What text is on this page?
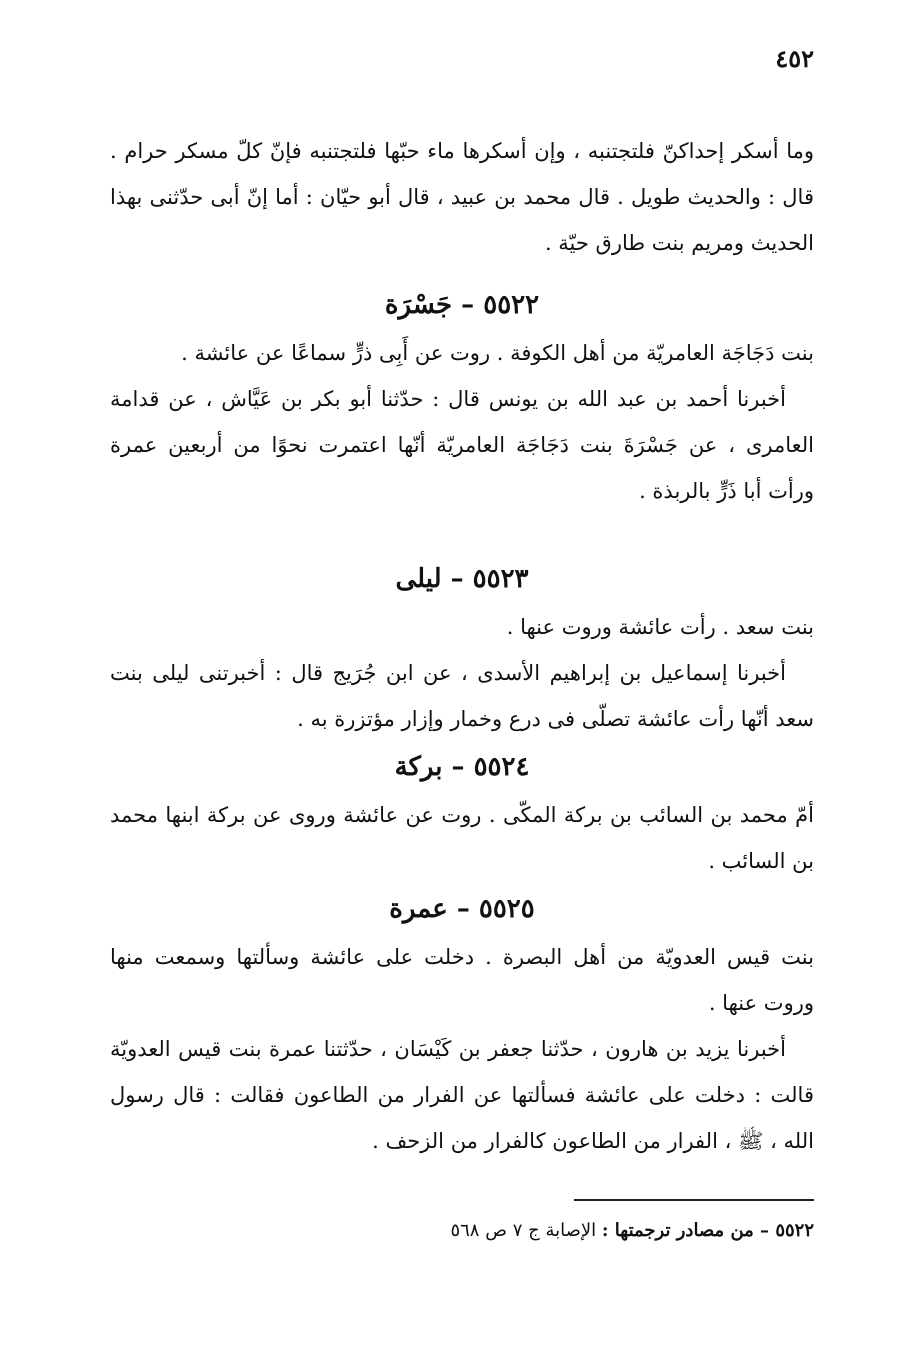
٤٥٢

وما أسكر إحداكنّ فلتجتنبه ، وإن أسكرها ماء حبّها فلتجتنبه فإنّ كلّ مسكر حرام . قال : والحديث طويل . قال محمد بن عبيد ، قال أبو حيّان : أما إنّ أبى حدّثنى بهذا الحديث ومريم بنت طارق حيّة .

٥٥٢٢ – جَسْرَة

بنت دَجَاجَة العامريّة من أهل الكوفة . روت عن أَبِى ذرٍّ سماعًا عن عائشة .

أخبرنا أحمد بن عبد الله بن يونس قال : حدّثنا أبو بكر بن عَيَّاش ، عن قدامة العامرى ، عن جَسْرَةَ بنت دَجَاجَة العامريّة أنّها اعتمرت نحوًا من أربعين عمرة ورأت أبا ذَرٍّ بالربذة .

٥٥٢٣ – ليلى

بنت سعد . رأت عائشة وروت عنها .

أخبرنا إسماعيل بن إبراهيم الأسدى ، عن ابن جُرَيج قال : أخبرتنى ليلى بنت سعد أنّها رأت عائشة تصلّى فى درع وخمار وإزار مؤتزرة به .

٥٥٢٤ – بركة

أمّ محمد بن السائب بن بركة المكّى . روت عن عائشة وروى عن بركة ابنها محمد بن السائب .

٥٥٢٥ – عمرة

بنت قيس العدويّة من أهل البصرة . دخلت على عائشة وسألتها وسمعت منها وروت عنها .

أخبرنا يزيد بن هارون ، حدّثنا جعفر بن كَيْسَان ، حدّثتنا عمرة بنت قيس العدويّة قالت : دخلت على عائشة فسألتها عن الفرار من الطاعون فقالت : قال رسول الله ، ﷺ ، الفرار من الطاعون كالفرار من الزحف .

٥٥٢٢ – من مصادر ترجمتها : الإصابة ج ٧ ص ٥٦٨
